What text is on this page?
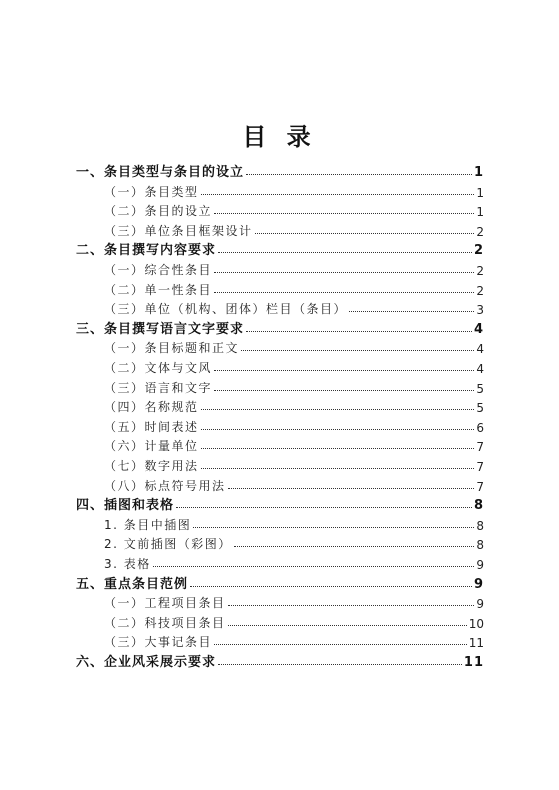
目 录
一、条目类型与条目的设立	1
（一）条目类型	1
（二）条目的设立	1
（三）单位条目框架设计	2
二、条目撰写内容要求	2
（一）综合性条目	2
（二）单一性条目	2
（三）单位（机构、团体）栏目（条目）	3
三、条目撰写语言文字要求	4
（一）条目标题和正文	4
（二）文体与文风	4
（三）语言和文字	5
（四）名称规范	5
（五）时间表述	6
（六）计量单位	7
（七）数字用法	7
（八）标点符号用法	7
四、插图和表格	8
1. 条目中插图	8
2. 文前插图（彩图）	8
3. 表格	9
五、重点条目范例	9
（一）工程项目条目	9
（二）科技项目条目	10
（三）大事记条目	11
六、企业风采展示要求	11
